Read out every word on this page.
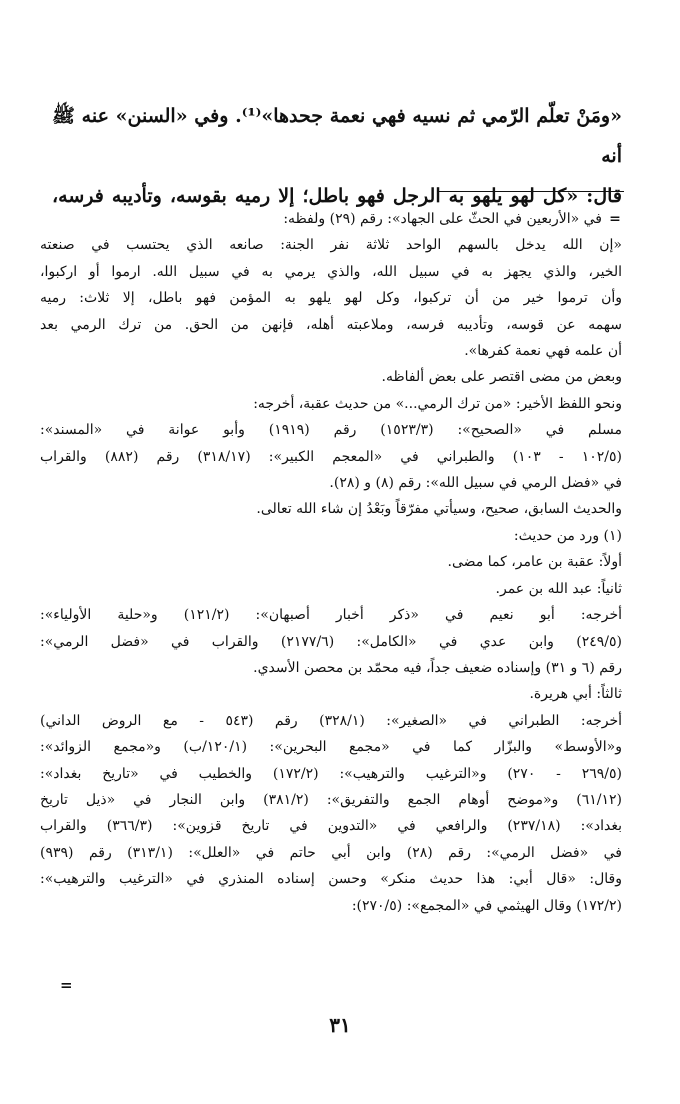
«ومَنْ تعلّم الرّمي ثم نسيه فهي نعمة جحدها»⁽¹⁾. وفي «السنن» عنه ﷺ أنه

قال: «كل لهو يلهو به الرجل فهو باطل؛ إلا رميه بقوسه، وتأديبه فرسه،

=في «الأربعين في الحثّ على الجهاد»: رقم (٢٩) ولفظه:

«إن الله يدخل بالسهم الواحد ثلاثة نفر الجنة: صانعه الذي يحتسب في صنعته

الخير، والذي يجهز به في سبيل الله، والذي يرمي به في سبيل الله. ارموا أو اركبوا،

وأن ترموا خير من أن تركبوا، وكل لهو يلهو به المؤمن فهو باطل، إلا ثلاث: رميه

سهمه عن قوسه، وتأديبه فرسه، وملاعبته أهله، فإنهن من الحق. من ترك الرمي بعد

أن علمه فهي نعمة كفرها».

وبعض من مضى اقتصر على بعض ألفاظه.

ونحو اللفظ الأخير: «من ترك الرمي...» من حديث عقبة، أخرجه:

مسلم في «الصحيح»: (١٥٢٣/٣) رقم (١٩١٩) وأبو عوانة في «المسند»:

(١٠٢/٥ - ١٠٣) والطبراني في «المعجم الكبير»: (٣١٨/١٧) رقم (٨٨٢) والقراب

في «فضل الرمي في سبيل الله»: رقم (٨) و (٢٨).

والحديث السابق، صحيح، وسيأتي مفرّقاً وبَعْدُ إن شاء الله تعالى.

(١) ورد من حديث:

أولاً: عقبة بن عامر، كما مضى.

ثانياً: عبد الله بن عمر.

أخرجه: أبو نعيم في «ذكر أخبار أصبهان»: (١٢١/٢) و«حلية الأولياء»:

(٢٤٩/٥) وابن عدي في «الكامل»: (٢١٧٧/٦) والقراب في «فضل الرمي»:

رقم (٦ و ٣١) وإسناده ضعيف جداً، فيه محمّد بن محصن الأسدي.

ثالثاً: أبي هريرة.

أخرجه: الطبراني في «الصغير»: (٣٢٨/١) رقم (٥٤٣ - مع الروض الداني)

و«الأوسط» والبزّار كما في «مجمع البحرين»: (١٢٠/١/ب) و«مجمع الزوائد»:

(٢٦٩/٥ - ٢٧٠) و«الترغيب والترهيب»: (١٧٢/٢) والخطيب في «تاريخ بغداد»:

(٦١/١٢) و«موضح أوهام الجمع والتفريق»: (٣٨١/٢) وابن النجار في «ذيل تاريخ

بغداد»: (٢٣٧/١٨) والرافعي في «التدوين في تاريخ قزوين»: (٣٦٦/٣) والقراب

في «فضل الرمي»: رقم (٢٨) وابن أبي حاتم في «العلل»: (٣١٣/١) رقم (٩٣٩)

وقال: «قال أبي: هذا حديث منكر» وحسن إسناده المنذري في «الترغيب والترهيب»:

(١٧٢/٢) وقال الهيثمي في «المجمع»: (٢٧٠/٥):

=
٣١
